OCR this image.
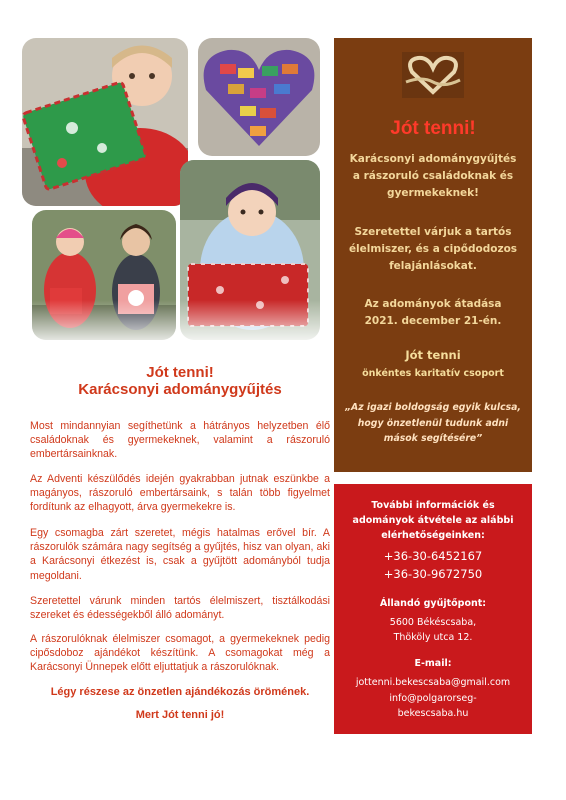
Jót tenni!
Karácsonyi adománygyűjtés
a rászoruló családoknak és
gyermekeknek!
Szeretettel várjuk a tartós
élelmiszer, és a cipődodozos
felajánlásokat.
Az adományok átadása
2021. december 21-én.
Jót tenni
önkéntes karitatív csoport
„Az igazi boldogság egyik kulcsa,
hogy önzetlenül tudunk adni
mások segítésére”
További információk és
adományok átvétele az alábbi
elérhetőségeinken:
+36-30-6452167
+36-30-9672750
Állandó gyűjtőpont:
5600 Békéscsaba,
Thököly utca 12.
E-mail:
jottenni.bekescsaba@gmail.com
info@polgarorseg-
bekescsaba.hu
Jót tenni!
Karácsonyi adománygyűjtés
Most mindannyian segíthetünk a hátrányos helyzetben élő családoknak és gyermekeknek, valamint a rászoruló embertársainknak.
Az Adventi készülődés idején gyakrabban jutnak eszünkbe a magányos, rászoruló embertársaink, s talán több figyelmet fordítunk az elhagyott, árva gyermekekre is.
Egy csomagba zárt szeretet, mégis hatalmas erővel bír. A rászorulók számára nagy segítség a gyűjtés, hisz van olyan, aki a Karácsonyi étkezést is, csak a gyűjtött adományból tudja megoldani.
Szeretettel várunk minden tartós élelmiszert, tisztálkodási szereket és édességekből álló adományt.
A rászorulóknak élelmiszer csomagot, a gyermekeknek pedig cipősdoboz ajándékot készítünk. A csomagokat még a Karácsonyi Ünnepek előtt eljuttatjuk a rászorulóknak.
Légy részese az önzetlen ajándékozás örömének.
Mert Jót tenni jó!
